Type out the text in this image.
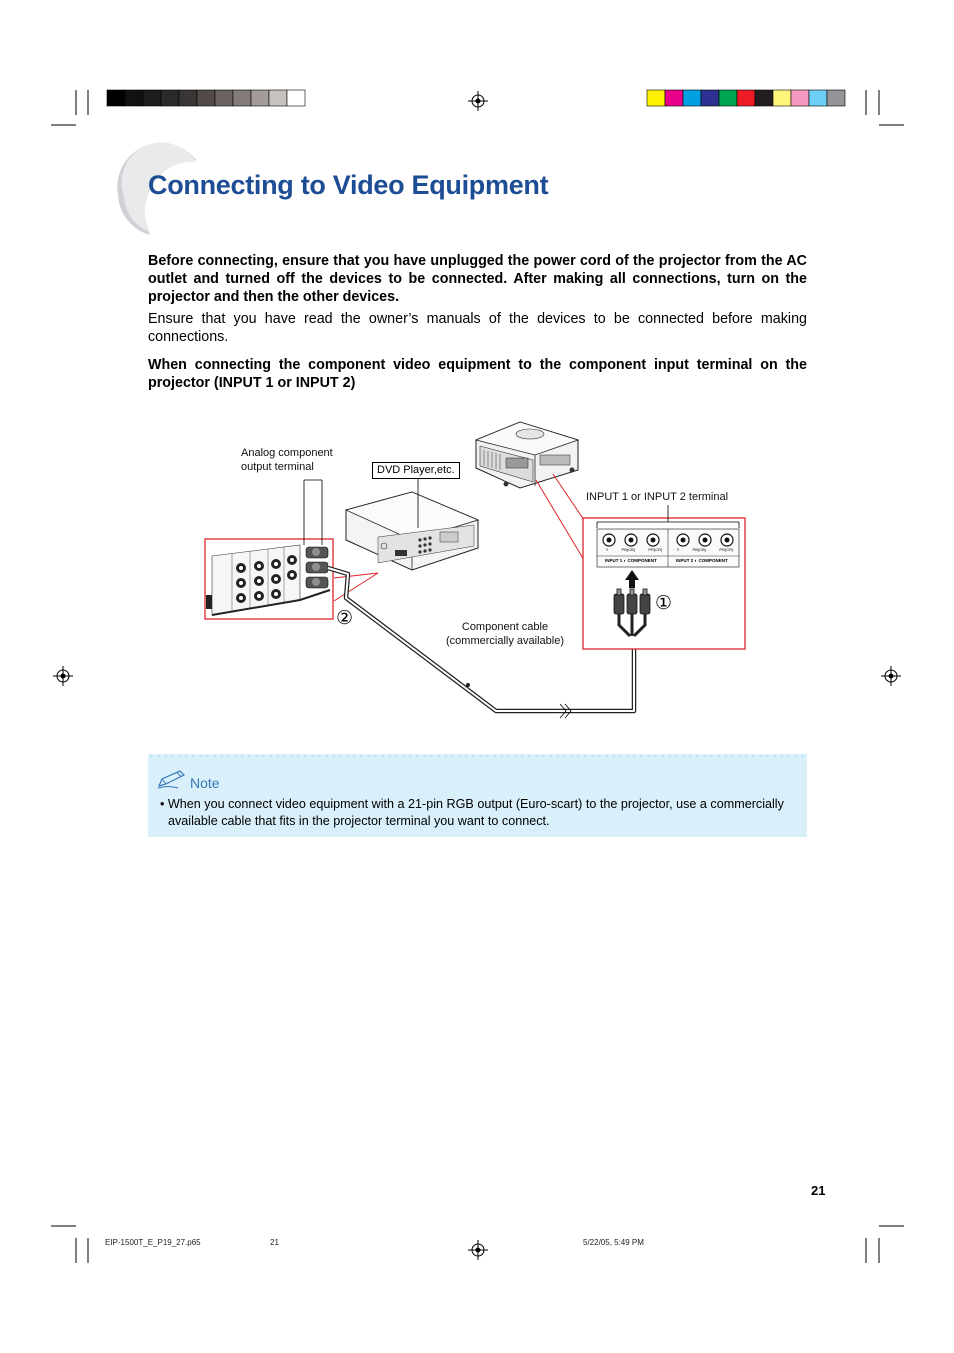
Connecting to Video Equipment
Before connecting, ensure that you have unplugged the power cord of the projector from the AC outlet and turned off the devices to be connected. After making all connections, turn on the projector and then the other devices.
Ensure that you have read the owner’s manuals of the devices to be connected before making connections.
When connecting the component video equipment to the component input terminal on the projector (INPUT 1 or INPUT 2)
Analog component
output terminal	DVD Player,etc.
INPUT 1 or INPUT 2 terminal
Component cable
(commercially available)
①
②
Y	PB(CB)	PR(CR)	Y	PB(CB)	PR(CR)
INPUT 1 ◐ COMPONENT	INPUT 2 ◐ COMPONENT
Note
• When you connect video equipment with a 21-pin RGB output (Euro-scart) to the projector, use a commercially available cable that fits in the projector terminal you want to connect.
21
EIP-1500T_E_P19_27.p65	21	5/22/05, 5:49 PM
